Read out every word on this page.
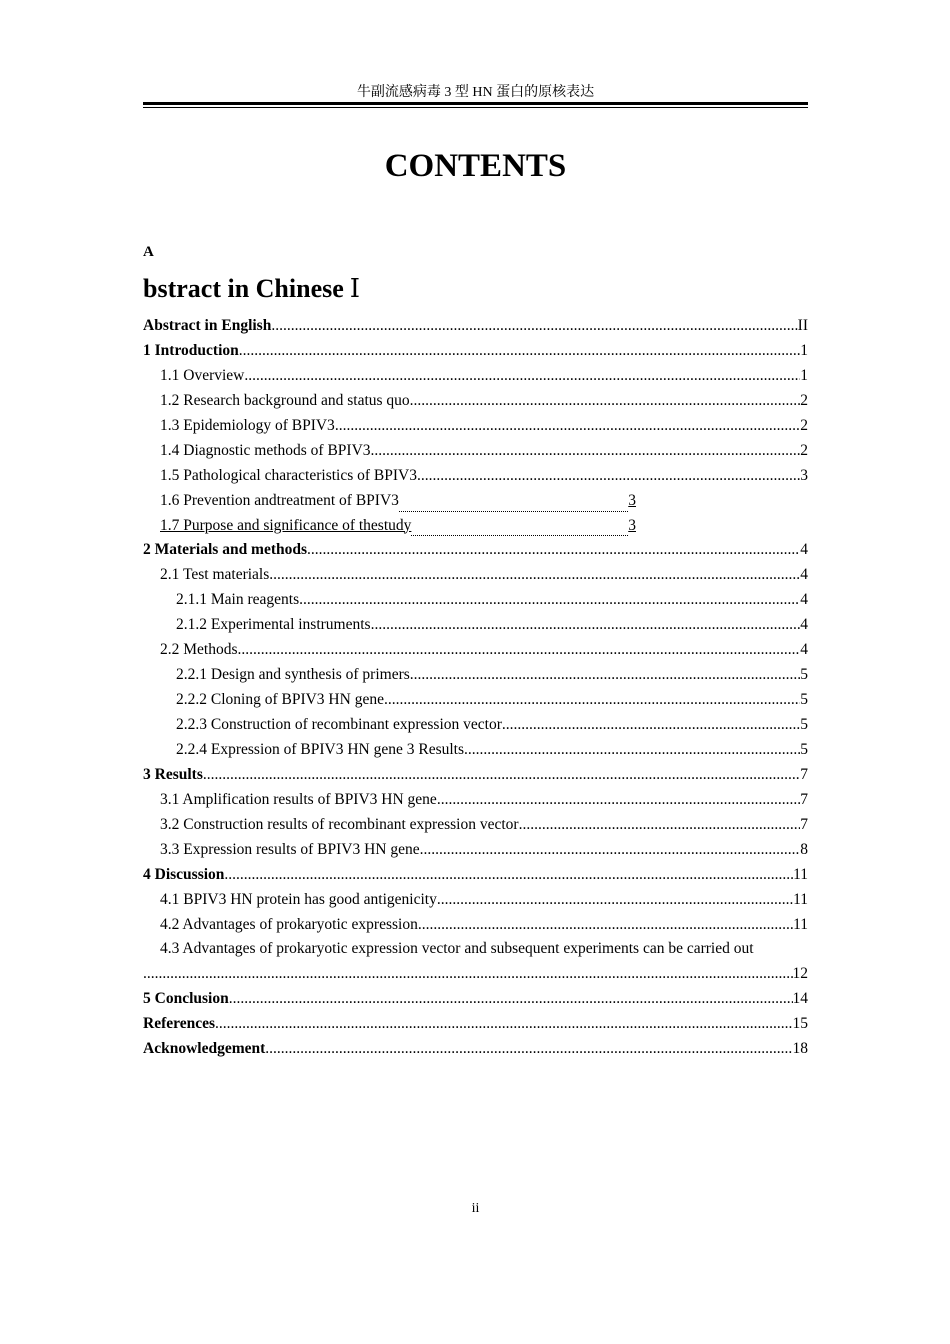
牛副流感病毒 3 型 HN 蛋白的原核表达
CONTENTS
A
bstract in Chinese Ⅰ
Abstract in English .....	II
1 Introduction .....	1
1.1 Overview .....	1
1.2 Research background and status quo .....	2
1.3 Epidemiology of BPIV3 .....	2
1.4 Diagnostic methods of BPIV3 .....	2
1.5 Pathological characteristics of BPIV3 .....	3
1.6 Prevention andtreatment of BPIV3	3
1.7 Purpose and significance of thestudy	3
2 Materials and methods .....	4
2.1 Test materials .....	4
2.1.1 Main reagents .....	4
2.1.2 Experimental instruments .....	4
2.2 Methods .....	4
2.2.1 Design and synthesis of primers .....	5
2.2.2 Cloning of BPIV3 HN gene .....	5
2.2.3 Construction of recombinant expression vector .....	5
2.2.4 Expression of BPIV3 HN gene 3 Results .....	5
3 Results .....	7
3.1 Amplification results of BPIV3 HN gene .....	7
3.2 Construction results of recombinant expression vector .....	7
3.3 Expression results of BPIV3 HN gene .....	8
4 Discussion .....	11
4.1 BPIV3 HN protein has good antigenicity .....	11
4.2 Advantages of prokaryotic expression .....	11
4.3 Advantages of prokaryotic expression vector and subsequent experiments can be carried out
.....
12
5 Conclusion .....	14
References .....	15
Acknowledgement .....	18
ii
